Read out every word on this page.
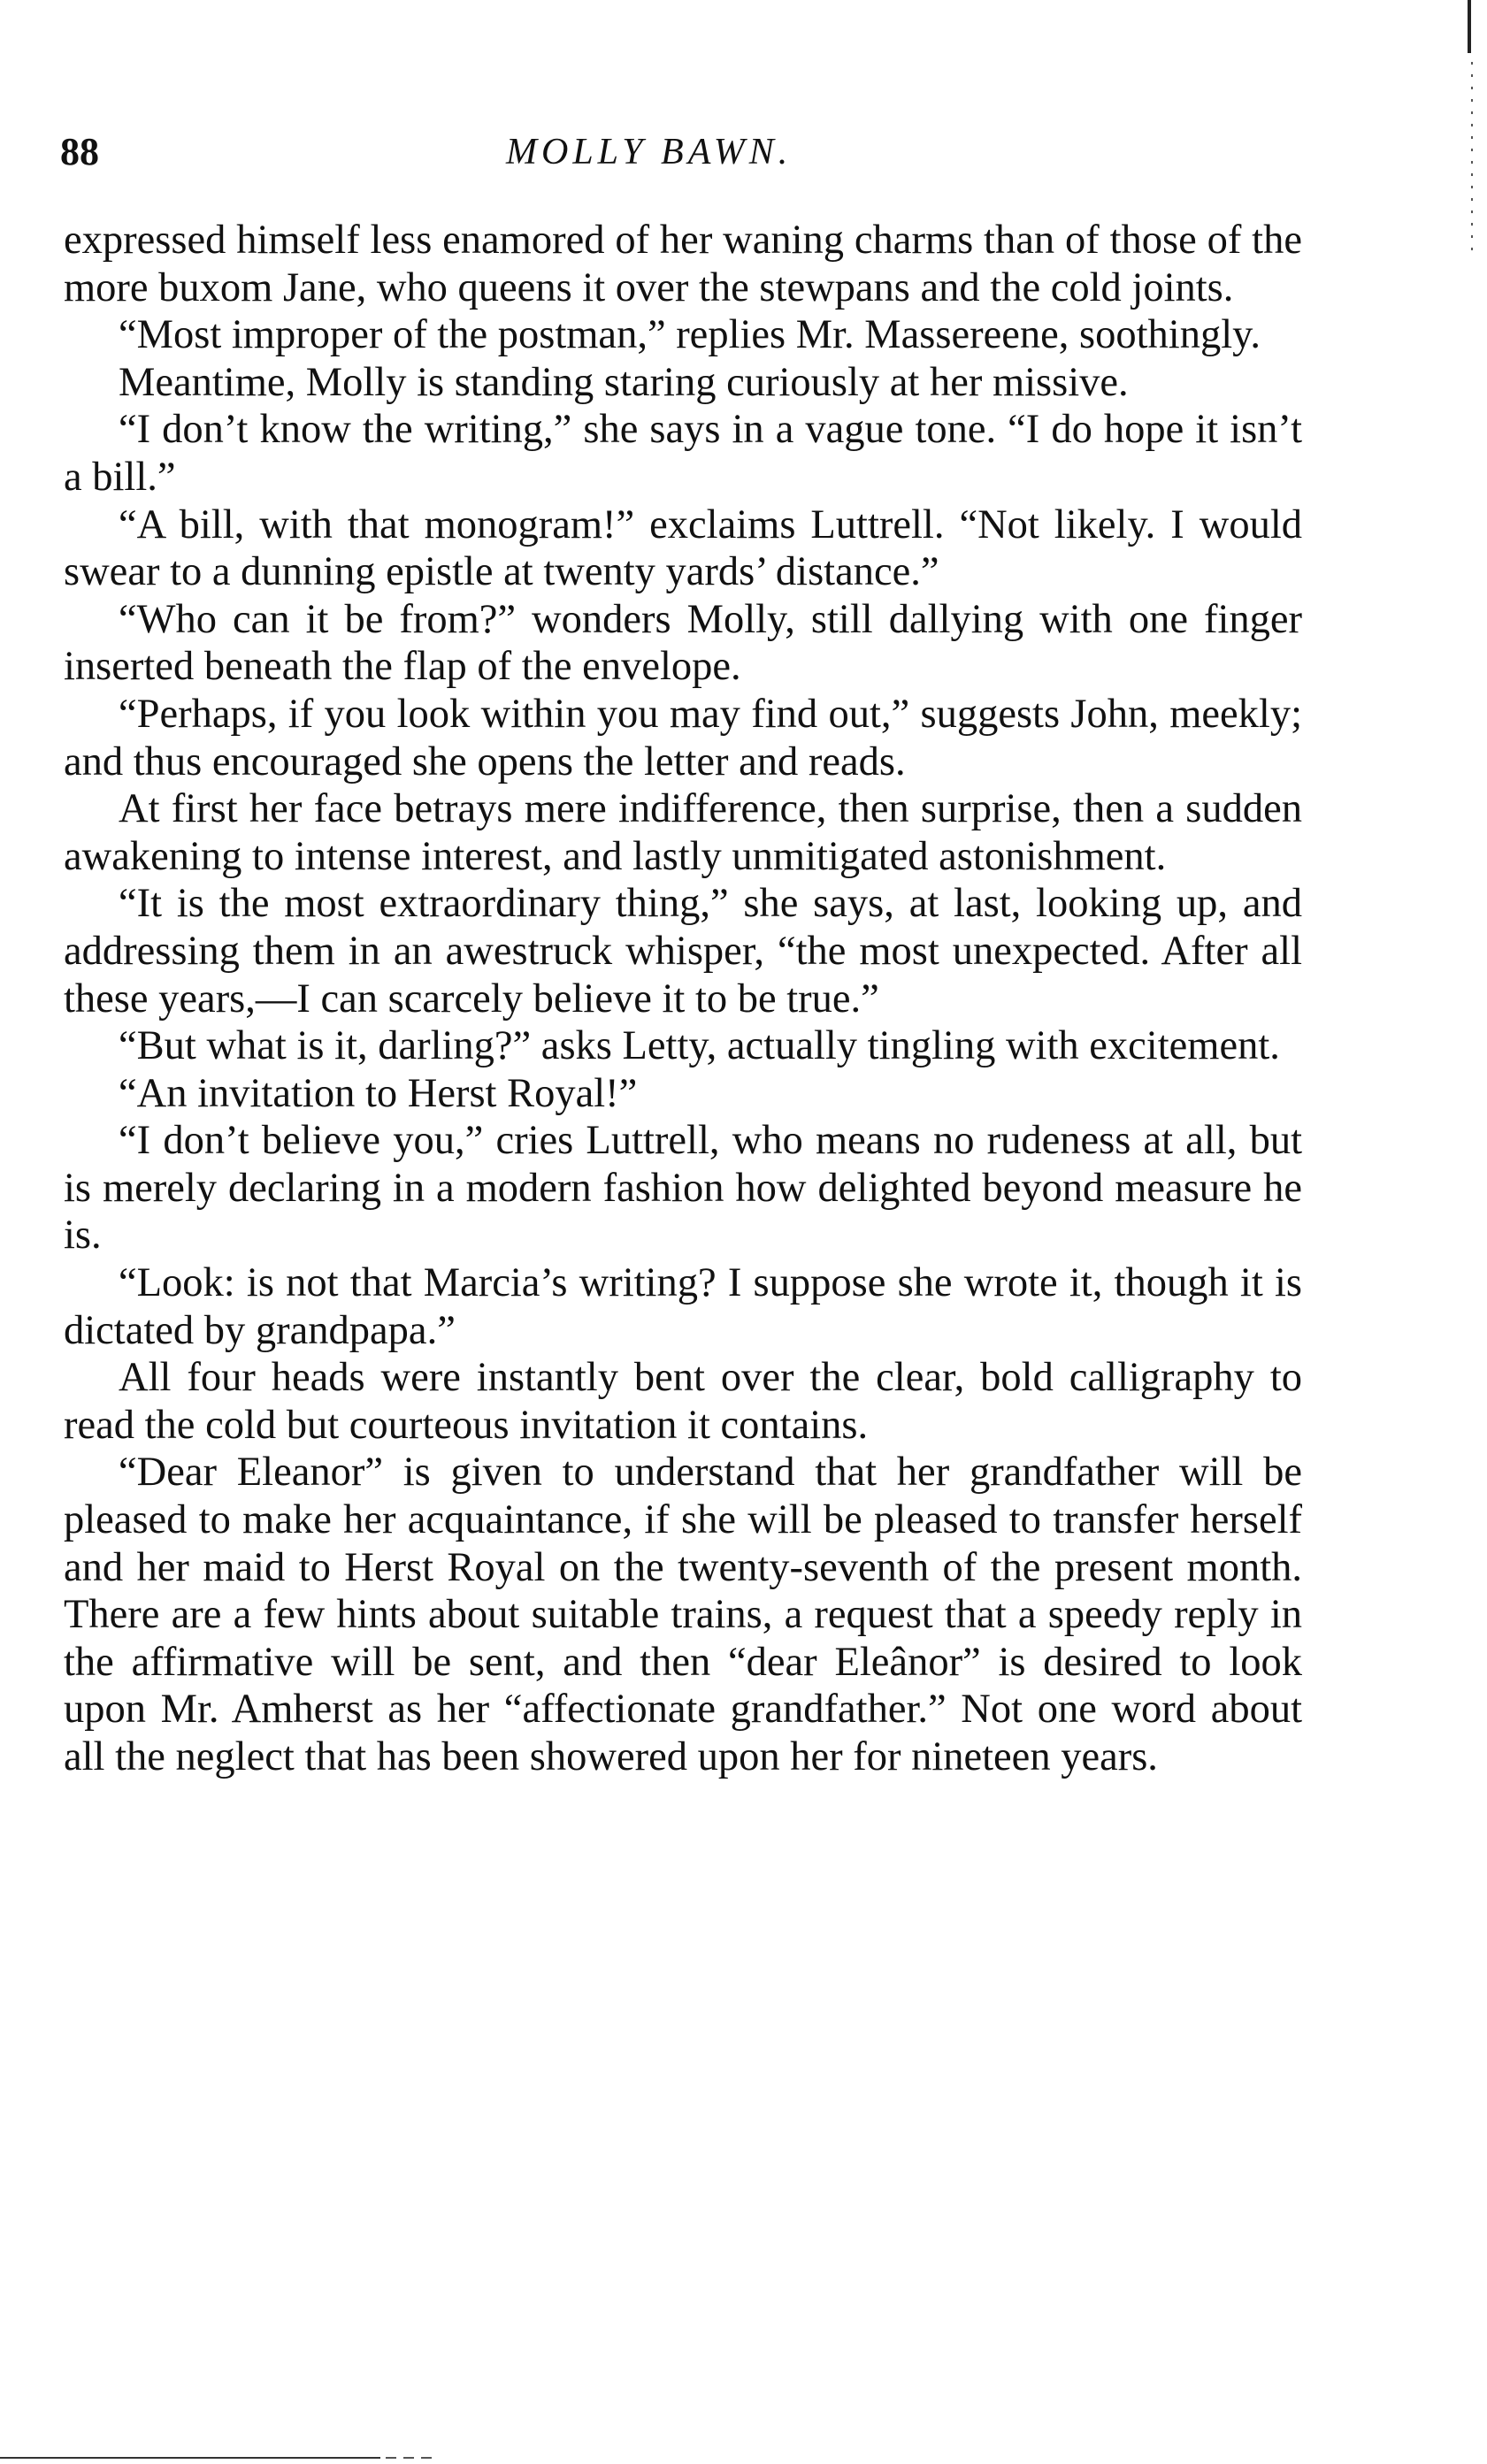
88	MOLLY BAWN.

expressed himself less enamored of her waning charms than of those of the more buxom Jane, who queens it over the stewpans and the cold joints.

“Most improper of the postman,” replies Mr. Massereene, soothingly.

Meantime, Molly is standing staring curiously at her missive.

“I don’t know the writing,” she says in a vague tone. “I do hope it isn’t a bill.”

“A bill, with that monogram!” exclaims Luttrell. “Not likely. I would swear to a dunning epistle at twenty yards’ distance.”

“Who can it be from?” wonders Molly, still dallying with one finger inserted beneath the flap of the envelope.

“Perhaps, if you look within you may find out,” suggests John, meekly; and thus encouraged she opens the letter and reads.

At first her face betrays mere indifference, then surprise, then a sudden awakening to intense interest, and lastly unmitigated astonishment.

“It is the most extraordinary thing,” she says, at last, looking up, and addressing them in an awestruck whisper, “the most unexpected. After all these years,—I can scarcely believe it to be true.”

“But what is it, darling?” asks Letty, actually tingling with excitement.

“An invitation to Herst Royal!”

“I don’t believe you,” cries Luttrell, who means no rudeness at all, but is merely declaring in a modern fashion how delighted beyond measure he is.

“Look: is not that Marcia’s writing? I suppose she wrote it, though it is dictated by grandpapa.”

All four heads were instantly bent over the clear, bold calligraphy to read the cold but courteous invitation it contains.

“Dear Eleanor” is given to understand that her grandfather will be pleased to make her acquaintance, if she will be pleased to transfer herself and her maid to Herst Royal on the twenty-seventh of the present month. There are a few hints about suitable trains, a request that a speedy reply in the affirmative will be sent, and then “dear Eleânor” is desired to look upon Mr. Amherst as her “affectionate grandfather.” Not one word about all the neglect that has been showered upon her for nineteen years.
